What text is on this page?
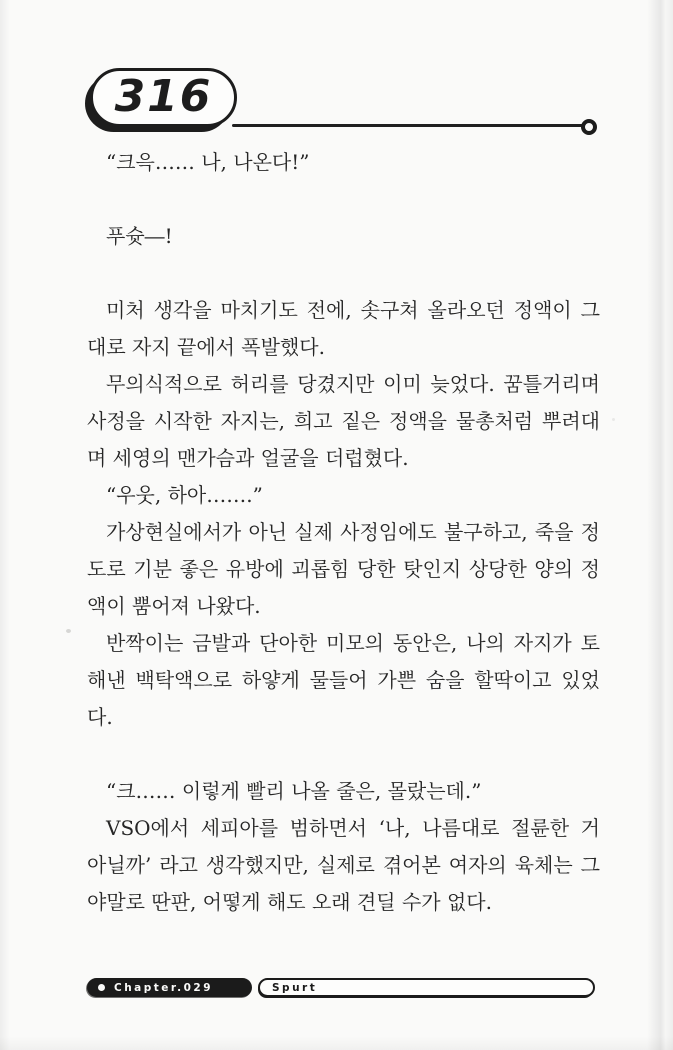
316
“크윽…… 나, 나온다!”

푸슛―!

미처 생각을 마치기도 전에, 솟구쳐 올라오던 정액이 그
대로 자지 끝에서 폭발했다.
무의식적으로 허리를 당겼지만 이미 늦었다. 꿈틀거리며
사정을 시작한 자지는, 희고 짙은 정액을 물총처럼 뿌려대
며 세영의 맨가슴과 얼굴을 더럽혔다.
“우웃, 하아…….”
가상현실에서가 아닌 실제 사정임에도 불구하고, 죽을 정
도로 기분 좋은 유방에 괴롭힘 당한 탓인지 상당한 양의 정
액이 뿜어져 나왔다.
반짝이는 금발과 단아한 미모의 동안은, 나의 자지가 토
해낸 백탁액으로 하얗게 물들어 가쁜 숨을 할딱이고 있었
다.

“크…… 이렇게 빨리 나올 줄은, 몰랐는데.”
VSO에서 세피아를 범하면서 ‘나, 나름대로 절륜한 거
아닐까’ 라고 생각했지만, 실제로 겪어본 여자의 육체는 그
야말로 딴판, 어떻게 해도 오래 견딜 수가 없다.
Chapter.029	Spurt
